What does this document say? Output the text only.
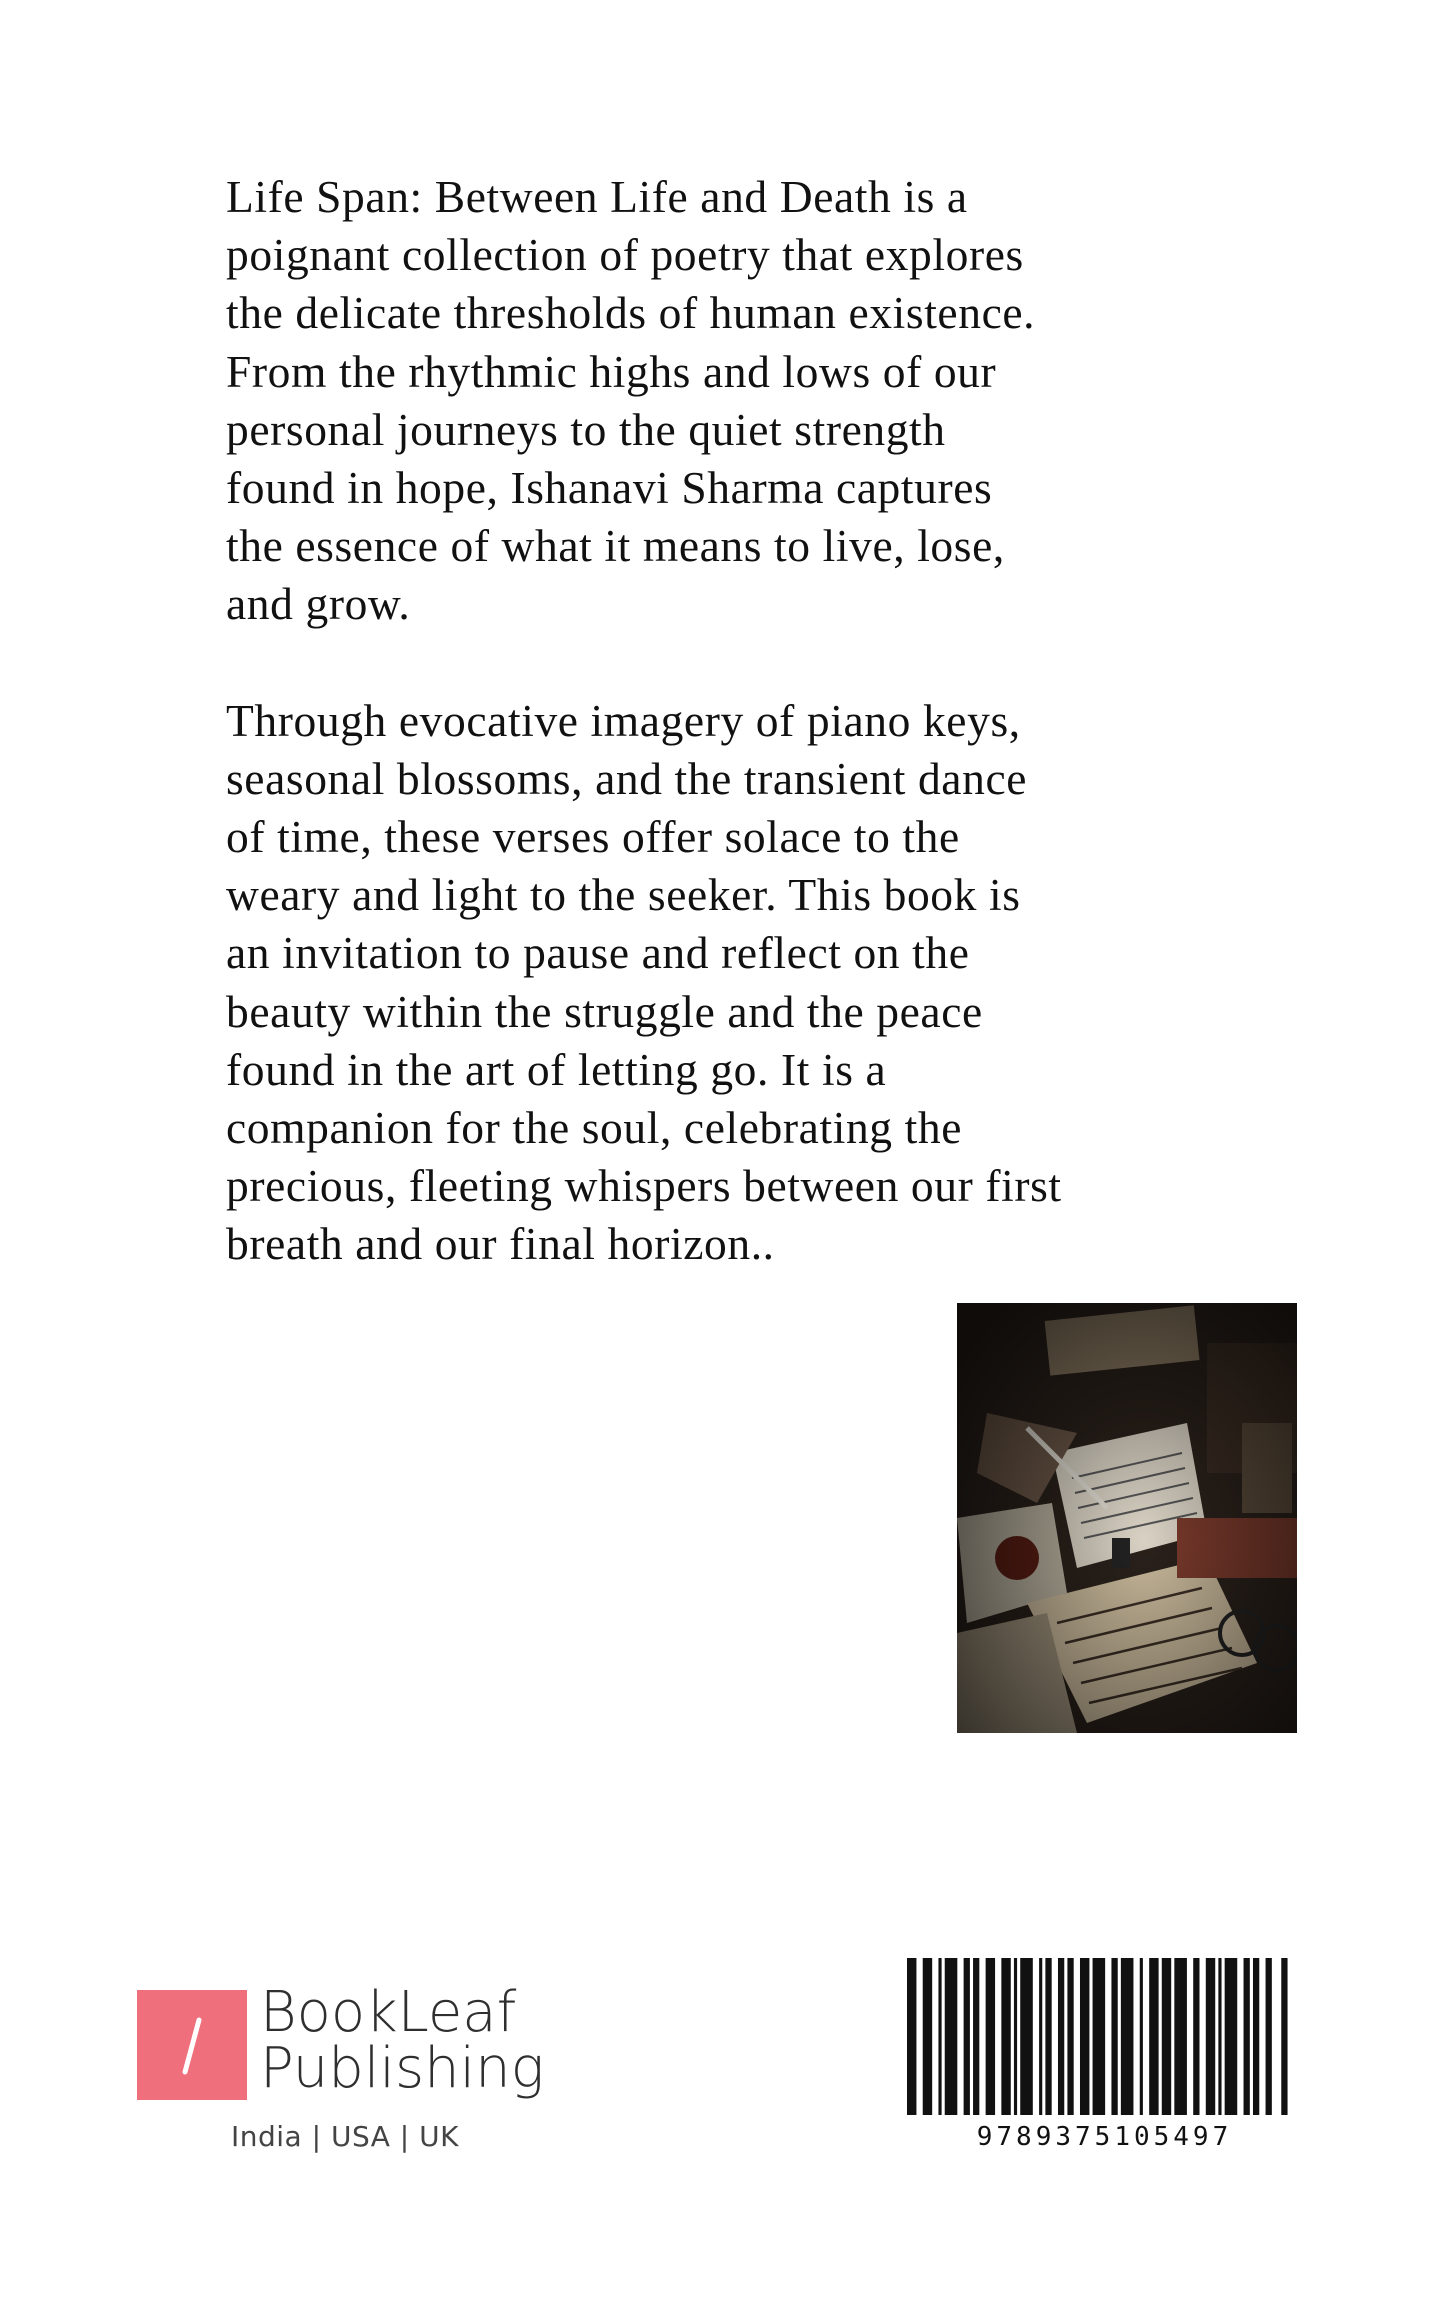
Life Span: Between Life and Death is a
poignant collection of poetry that explores
the delicate thresholds of human existence.
From the rhythmic highs and lows of our
personal journeys to the quiet strength
found in hope, Ishanavi Sharma captures
the essence of what it means to live, lose,
and grow.
Through evocative imagery of piano keys,
seasonal blossoms, and the transient dance
of time, these verses offer solace to the
weary and light to the seeker. This book is
an invitation to pause and reflect on the
beauty within the struggle and the peace
found in the art of letting go. It is a
companion for the soul, celebrating the
precious, fleeting whispers between our first
breath and our final horizon..
BookLeaf
Publishing
India | USA | UK	9789375105497
